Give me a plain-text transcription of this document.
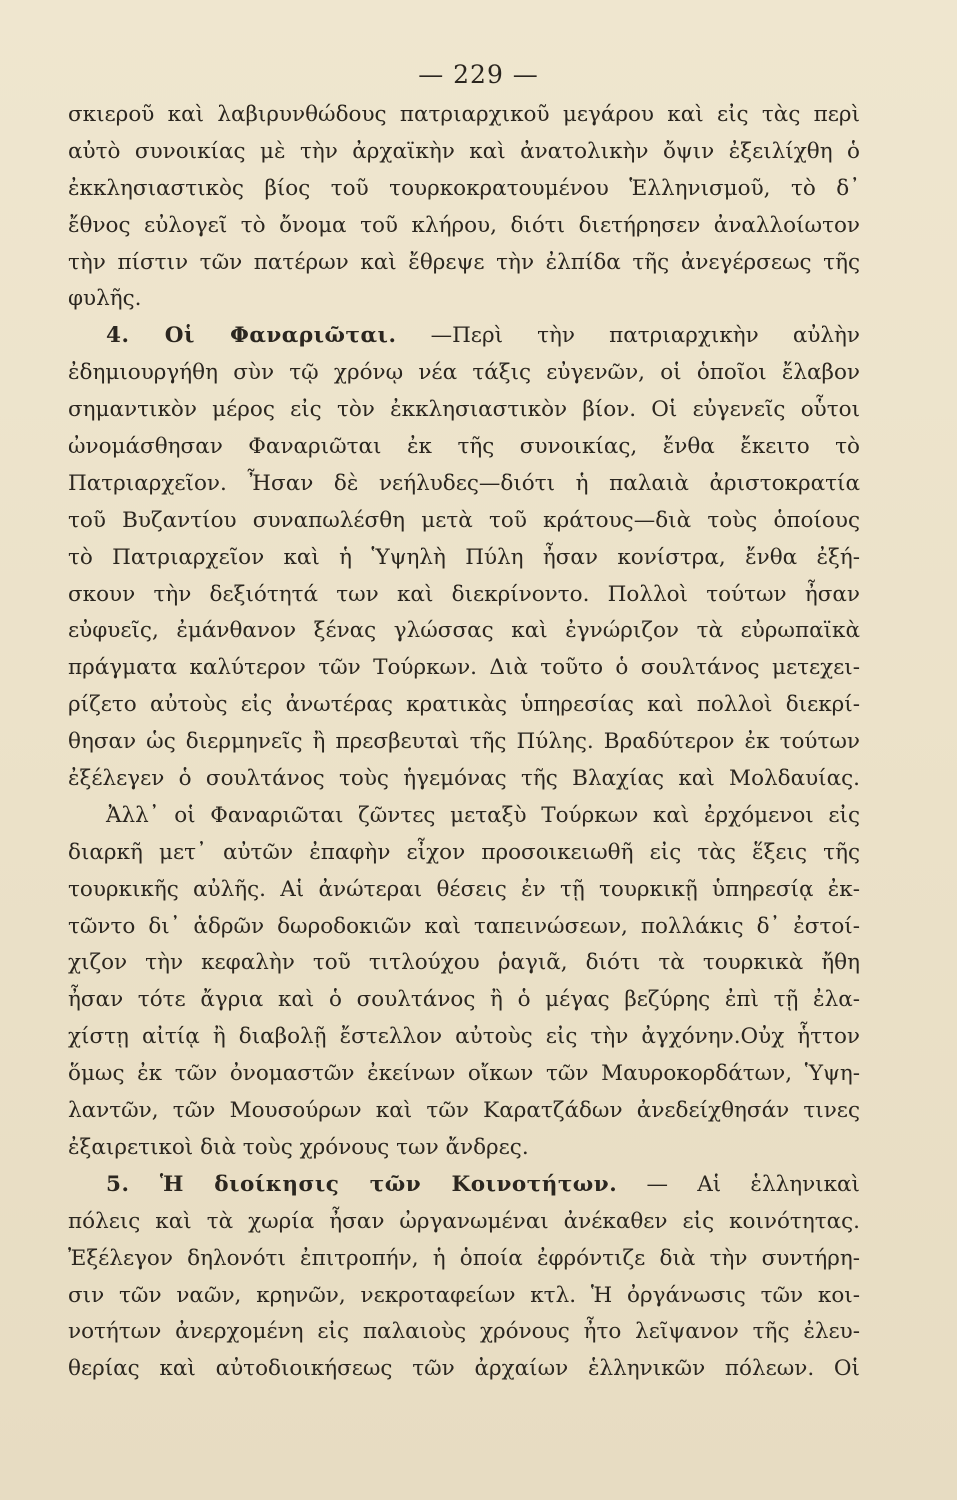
— 229 —
σκιεροῦ καὶ λαβιρυνθώδους πατριαρχικοῦ μεγάρου καὶ εἰς τὰς περὶ
αὐτὸ συνοικίας μὲ τὴν ἀρχαϊκὴν καὶ ἀνατολικὴν ὄψιν ἐξειλίχθη ὁ
ἐκκλησιαστικὸς βίος τοῦ τουρκοκρατουμένου Ἑλληνισμοῦ, τὸ δ᾽
ἔθνος εὐλογεῖ τὸ ὄνομα τοῦ κλήρου, διότι διετήρησεν ἀναλλοίωτον
τὴν πίστιν τῶν πατέρων καὶ ἔθρεψε τὴν ἐλπίδα τῆς ἀνεγέρσεως τῆς
φυλῆς.
4. Οἱ Φαναριῶται. —Περὶ τὴν πατριαρχικὴν αὐλὴν
ἐδημιουργήθη σὺν τῷ χρόνῳ νέα τάξις εὐγενῶν, οἱ ὁποῖοι ἔλαβον
σημαντικὸν μέρος εἰς τὸν ἐκκλησιαστικὸν βίον. Οἱ εὐγενεῖς οὗτοι
ὠνομάσθησαν Φαναριῶται ἐκ τῆς συνοικίας, ἔνθα ἔκειτο τὸ
Πατριαρχεῖον. Ἦσαν δὲ νεήλυδες—διότι ἡ παλαιὰ ἀριστοκρατία
τοῦ Βυζαντίου συναπωλέσθη μετὰ τοῦ κράτους—διὰ τοὺς ὁποίους
τὸ Πατριαρχεῖον καὶ ἡ Ὑψηλὴ Πύλη ἦσαν κονίστρα, ἔνθα ἐξή-
σκουν τὴν δεξιότητά των καὶ διεκρίνοντο. Πολλοὶ τούτων ἦσαν
εὐφυεῖς, ἐμάνθανον ξένας γλώσσας καὶ ἐγνώριζον τὰ εὐρωπαϊκὰ
πράγματα καλύτερον τῶν Τούρκων. Διὰ τοῦτο ὁ σουλτάνος μετεχει-
ρίζετο αὐτοὺς εἰς ἀνωτέρας κρατικὰς ὑπηρεσίας καὶ πολλοὶ διεκρί-
θησαν ὡς διερμηνεῖς ἢ πρεσβευταὶ τῆς Πύλης. Βραδύτερον ἐκ τούτων
ἐξέλεγεν ὁ σουλτάνος τοὺς ἡγεμόνας τῆς Βλαχίας καὶ Μολδαυίας.
Ἀλλ᾽ οἱ Φαναριῶται ζῶντες μεταξὺ Τούρκων καὶ ἐρχόμενοι εἰς
διαρκῆ μετ᾽ αὐτῶν ἐπαφὴν εἶχον προσοικειωθῆ εἰς τὰς ἕξεις τῆς
τουρκικῆς αὐλῆς. Αἱ ἀνώτεραι θέσεις ἐν τῇ τουρκικῇ ὑπηρεσίᾳ ἐκ-
τῶντο δι᾽ ἁδρῶν δωροδοκιῶν καὶ ταπεινώσεων, πολλάκις δ᾽ ἐστοί-
χιζον τὴν κεφαλὴν τοῦ τιτλούχου ῥαγιᾶ, διότι τὰ τουρκικὰ ἤθη
ἦσαν τότε ἄγρια καὶ ὁ σουλτάνος ἢ ὁ μέγας βεζύρης ἐπὶ τῇ ἐλα-
χίστῃ αἰτίᾳ ἢ διαβολῇ ἔστελλον αὐτοὺς εἰς τὴν ἀγχόνην.Οὐχ ἧττον
ὅμως ἐκ τῶν ὀνομαστῶν ἐκείνων οἴκων τῶν Μαυροκορδάτων, Ὑψη-
λαντῶν, τῶν Μουσούρων καὶ τῶν Καρατζάδων ἀνεδείχθησάν τινες
ἐξαιρετικοὶ διὰ τοὺς χρόνους των ἄνδρες.
5. Ἡ διοίκησις τῶν Κοινοτήτων. — Αἱ ἑλληνικαὶ
πόλεις καὶ τὰ χωρία ἦσαν ὠργανωμέναι ἀνέκαθεν εἰς κοινότητας.
Ἐξέλεγον δηλονότι ἐπιτροπήν, ἡ ὁποία ἐφρόντιζε διὰ τὴν συντήρη-
σιν τῶν ναῶν, κρηνῶν, νεκροταφείων κτλ. Ἡ ὀργάνωσις τῶν κοι-
νοτήτων ἀνερχομένη εἰς παλαιοὺς χρόνους ἦτο λεῖψανον τῆς ἐλευ-
θερίας καὶ αὐτοδιοικήσεως τῶν ἀρχαίων ἑλληνικῶν πόλεων. Οἱ
